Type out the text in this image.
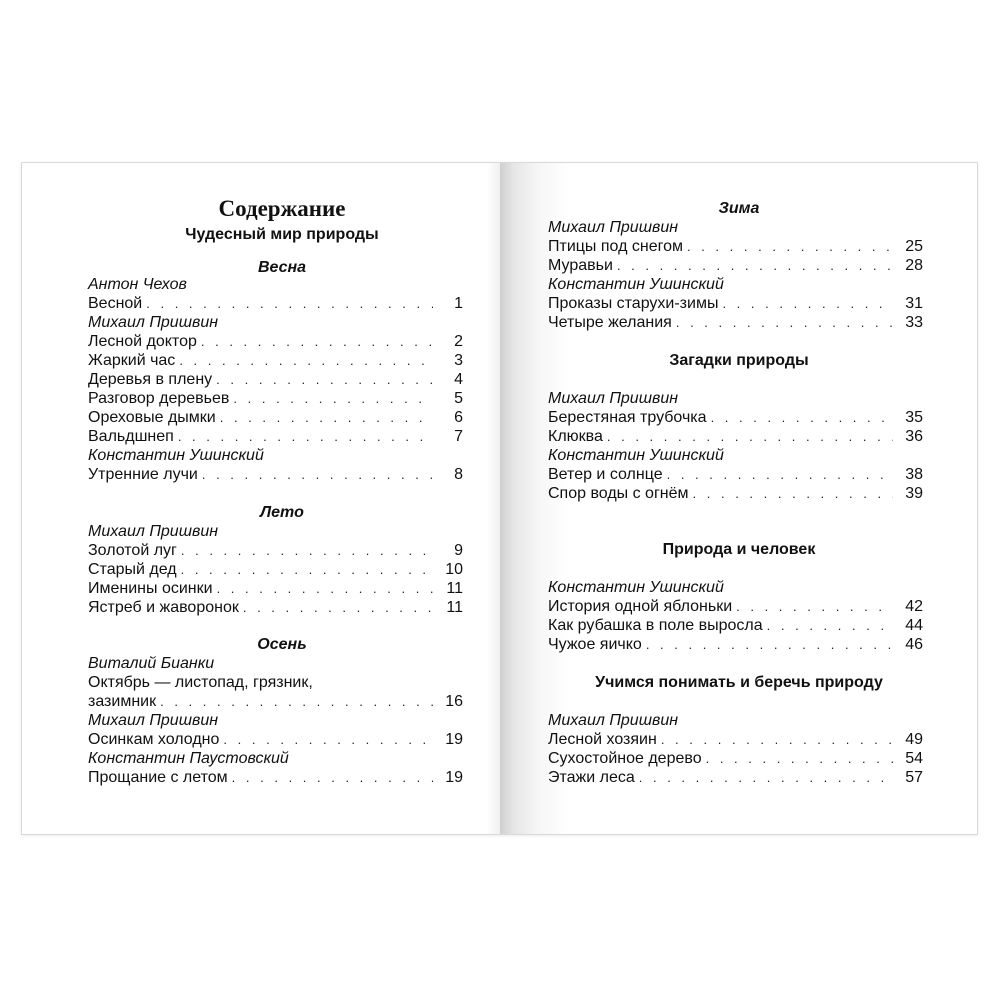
Содержание
Чудесный мир природы
Весна
Антон Чехов
Весной . . .	1
Михаил Пришвин
Лесной доктор . . .	2
Жаркий час . . .	3
Деревья в плену . . .	4
Разговор деревьев . . .	5
Ореховые дымки . . .	6
Вальдшнеп . . .	7
Константин Ушинский
Утренние лучи . . .	8
Лето
Михаил Пришвин
Золотой луг . . .	9
Старый дед . . .	10
Именины осинки . . .	11
Ястреб и жаворонок . . .	11
Осень
Виталий Бианки
Октябрь — листопад, грязник,
зазимник . . .	16
Михаил Пришвин
Осинкам холодно . . .	19
Константин Паустовский
Прощание с летом . . .	19
Зима
Михаил Пришвин
Птицы под снегом . . .	25
Муравьи . . .	28
Константин Ушинский
Проказы старухи-зимы . . .	31
Четыре желания . . .	33
Загадки природы
Михаил Пришвин
Берестяная трубочка . . .	35
Клюква . . .	36
Константин Ушинский
Ветер и солнце . . .	38
Спор воды с огнём . . .	39
Природа и человек
Константин Ушинский
История одной яблоньки . . .	42
Как рубашка в поле выросла . . .	44
Чужое яичко . . .	46
Учимся понимать и беречь природу
Михаил Пришвин
Лесной хозяин . . .	49
Сухостойное дерево . . .	54
Этажи леса . . .	57
